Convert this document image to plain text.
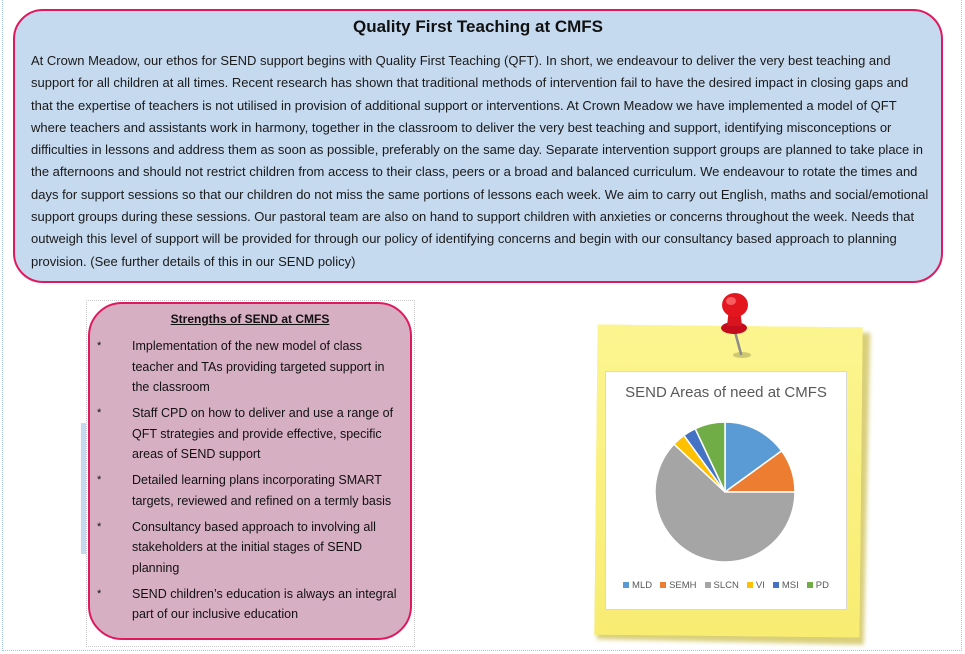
Quality First Teaching at CMFS

At Crown Meadow, our ethos for SEND support begins with Quality First Teaching (QFT). In short, we endeavour to deliver the very best teaching and support for all children at all times. Recent research has shown that traditional methods of intervention fail to have the desired impact in closing gaps and that the expertise of teachers is not utilised in provision of additional support or interventions. At Crown Meadow we have implemented a model of QFT where teachers and assistants work in harmony, together in the classroom to deliver the very best teaching and support, identifying misconceptions or difficulties in lessons and address them as soon as possible, preferably on the same day. Separate intervention support groups are planned to take place in the afternoons and should not restrict children from access to their class, peers or a broad and balanced curriculum. We endeavour to rotate the times and days for support sessions so that our children do not miss the same portions of lessons each week. We aim to carry out English, maths and social/emotional support groups during these sessions. Our pastoral team are also on hand to support children with anxieties or concerns throughout the week. Needs that outweigh this level of support will be provided for through our policy of identifying concerns and begin with our consultancy based approach to planning provision. (See further details of this in our SEND policy)

Strengths of SEND at CMFS
* Implementation of the new model of class teacher and TAs providing targeted support in the classroom
* Staff CPD on how to deliver and use a range of QFT strategies and provide effective, specific areas of SEND support
* Detailed learning plans incorporating SMART targets, reviewed and refined on a termly basis
* Consultancy based approach to involving all stakeholders at the initial stages of SEND planning
* SEND children’s education is always an integral part of our inclusive education
SEND Areas of need at CMFS
MLD SEMH SLCN VI MSI PD
